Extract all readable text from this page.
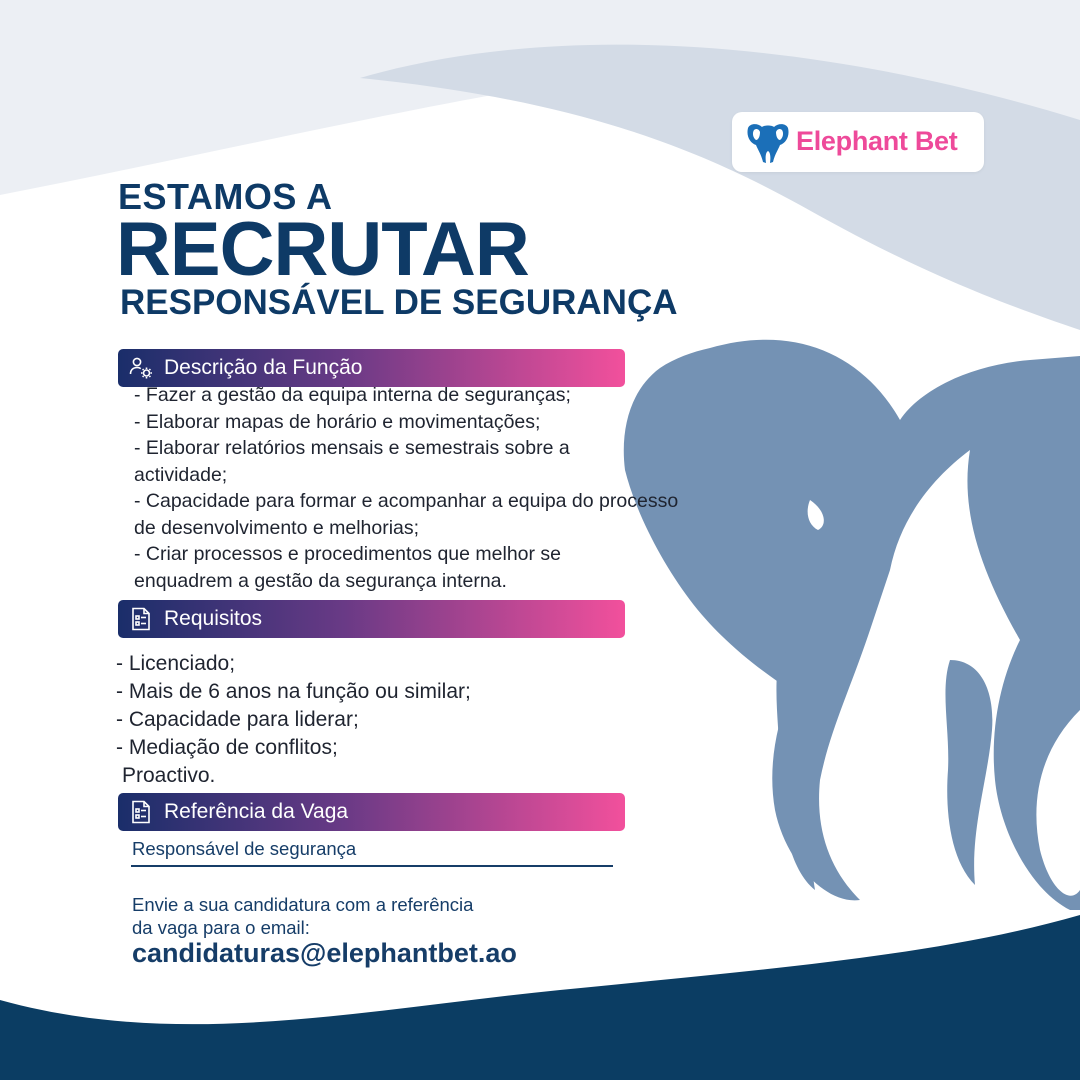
Elephant Bet
ESTAMOS A
RECRUTAR
RESPONSÁVEL DE SEGURANÇA
Descrição da Função

- Fazer a gestão da equipa interna de seguranças;

- Elaborar mapas de horário e movimentações;

- Elaborar relatórios mensais e semestrais sobre a actividade;

- Capacidade para formar e acompanhar a equipa do processo de desenvolvimento e melhorias;

- Criar processos e procedimentos que melhor se enquadrem a gestão da segurança interna.

Requisitos

- Licenciado;

- Mais de 6 anos na função ou similar;

- Capacidade para liderar;

- Mediação de conflitos;

Proactivo.

Referência da Vaga
Responsável de segurança
Envie a sua candidatura com a referência da vaga para o email:
candidaturas@elephantbet.ao
